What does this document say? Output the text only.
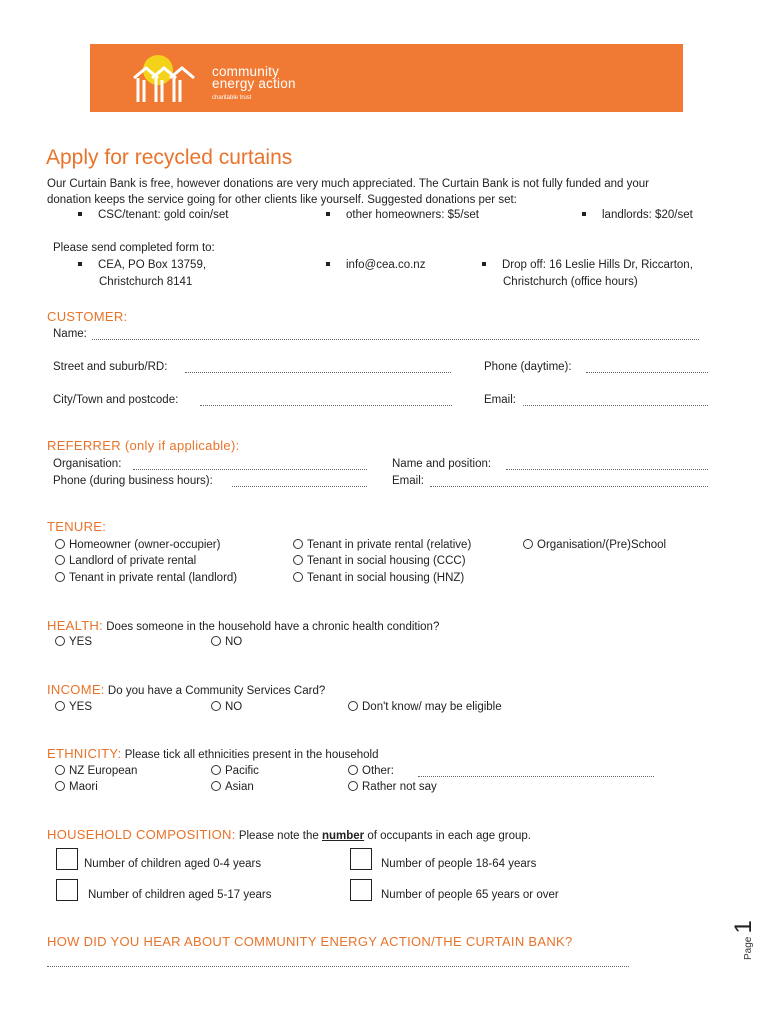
community
energy action
charitable trust
Apply for recycled curtains
Our Curtain Bank is free, however donations are very much appreciated. The Curtain Bank is not fully funded and your
donation keeps the service going for other clients like yourself. Suggested donations per set:
CSC/tenant: gold coin/set	other homeowners: $5/set	landlords: $20/set
Please send completed form to:
CEA, PO Box 13759,
Christchurch 8141
info@cea.co.nz	Drop off: 16 Leslie Hills Dr, Riccarton,
Christchurch (office hours)
CUSTOMER:
Name:
Street and suburb/RD:	Phone (daytime):
City/Town and postcode:	Email:
REFERRER (only if applicable):
Organisation:	Name and position:
Phone (during business hours):	Email:
TENURE:
Homeowner (owner-occupier)
Landlord of private rental
Tenant in private rental (landlord)
Tenant in private rental (relative)
Tenant in social housing (CCC)
Tenant in social housing (HNZ)
Organisation/(Pre)School
HEALTH: Does someone in the household have a chronic health condition?
YES	NO
INCOME: Do you have a Community Services Card?
YES	NO	Don't know/ may be eligible
ETHNICITY: Please tick all ethnicities present in the household
NZ European
Maori
Pacific
Asian
Other:
Rather not say
HOUSEHOLD COMPOSITION: Please note the number of occupants in each age group.
Number of children aged 0-4 years
Number of children aged 5-17 years
Number of people 18-64 years
Number of people 65 years or over
HOW DID YOU HEAR ABOUT COMMUNITY ENERGY ACTION/THE CURTAIN BANK?	Page 1
